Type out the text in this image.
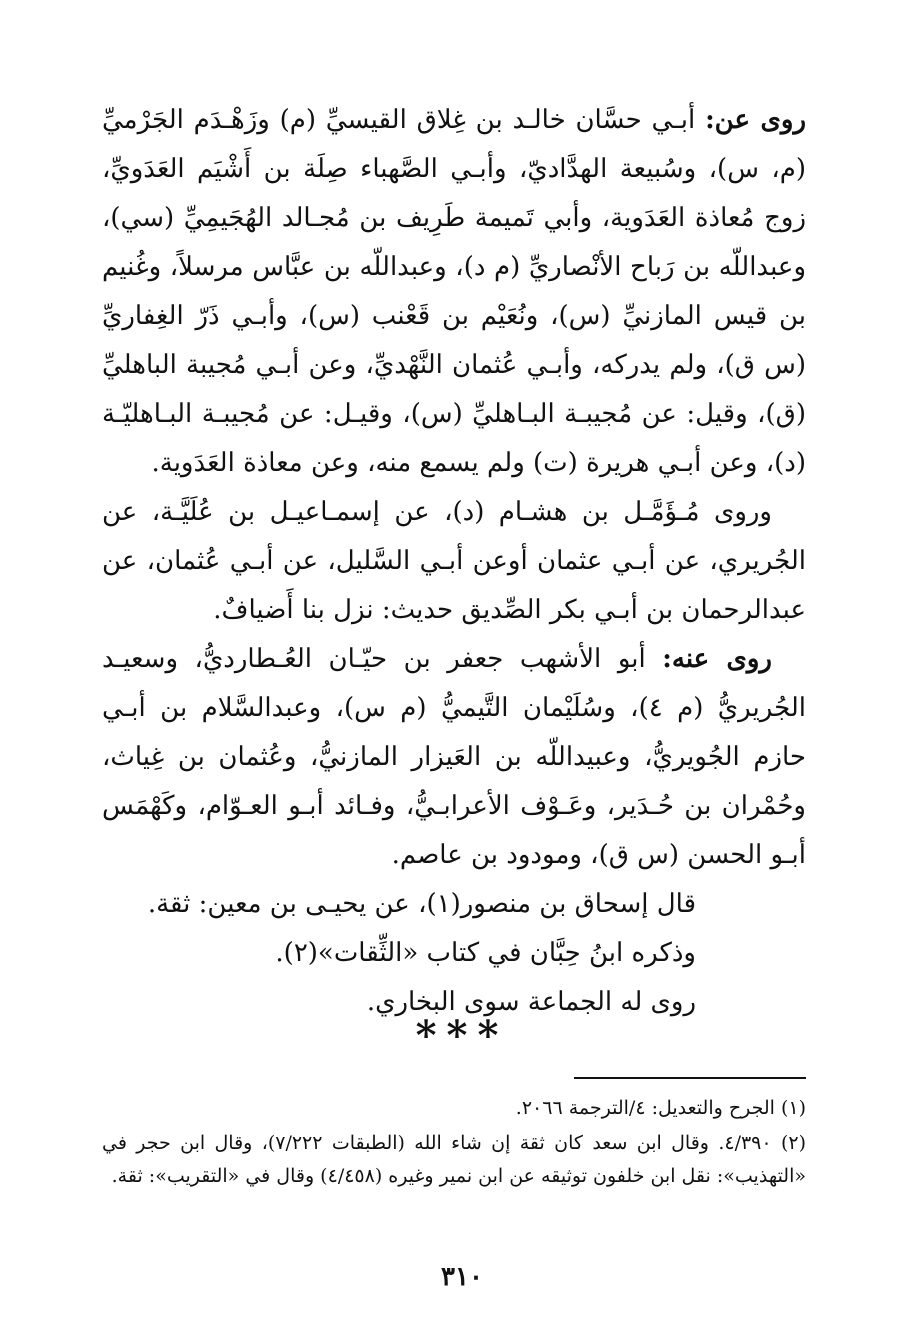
روى عن: أبـي حسَّان خالـد بن غِلاق القيسيِّ (م) وزَهْـدَم الجَرْميِّ (م، س)، وسُبيعة الهدَّاديّ، وأبـي الصَّهباء صِلَة بن أَشْيَم العَدَويِّ، زوج مُعاذة العَدَوية، وأبي تَميمة طَرِيف بن مُجـالد الهُجَيمِيِّ (سي)، وعبداللّه بن رَباح الأنْصاريِّ (م د)، وعبداللّه بن عبَّاس مرسلاً، وغُنيم بن قيس المازنيِّ (س)، ونُعَيْم بن قَعْنب (س)، وأبـي ذَرّ الغِفاريِّ (س ق)، ولم يدركه، وأبـي عُثمان النَّهْديِّ، وعن أبـي مُجيبة الباهليِّ (ق)، وقيل: عن مُجيبـة البـاهليِّ (س)، وقيـل: عن مُجيبـة البـاهليّـة (د)، وعن أبـي هريرة (ت) ولم يسمع منه، وعن معاذة العَدَوية.

وروى مُـؤَمَّـل بن هشـام (د)، عن إسمـاعيـل بن عُلَيَّـة، عن الجُريري، عن أبـي عثمان أوعن أبـي السَّليل، عن أبـي عُثمان، عن عبدالرحمان بن أبـي بكر الصِّديق حديث: نزل بنا أَضيافٌ.

روى عنه: أبو الأشهب جعفر بن حيّـان العُـطارديُّ، وسعيـد الجُريريُّ (م ٤)، وسُلَيْمان التَّيميُّ (م س)، وعبدالسَّلام بن أبـي حازم الجُويريُّ، وعبيداللّه بن العَيزار المازنيُّ، وعُثمان بن غِياث، وحُمْران بن حُـدَير، وعَـوْف الأعرابـيُّ، وفـائد أبـو العـوّام، وكَهْمَس أبـو الحسن (س ق)، ومودود بن عاصم.

قال إسحاق بن منصور(١)، عن يحيـى بن معين: ثقة.
وذكره ابنُ حِبَّان في كتاب «الثِّقات»(٢).
روى له الجماعة سوى البخاري.
***

(١) الجرح والتعديل: ٤/الترجمة ٢٠٦٦.

(٢) ٤/٣٩٠. وقال ابن سعد كان ثقة إن شاء الله (الطبقات ٧/٢٢٢)، وقال ابن حجر في «التهذيب»: نقل ابن خلفون توثيقه عن ابن نمير وغيره (٤/٤٥٨) وقال في «التقريب»: ثقة.

٣١٠
